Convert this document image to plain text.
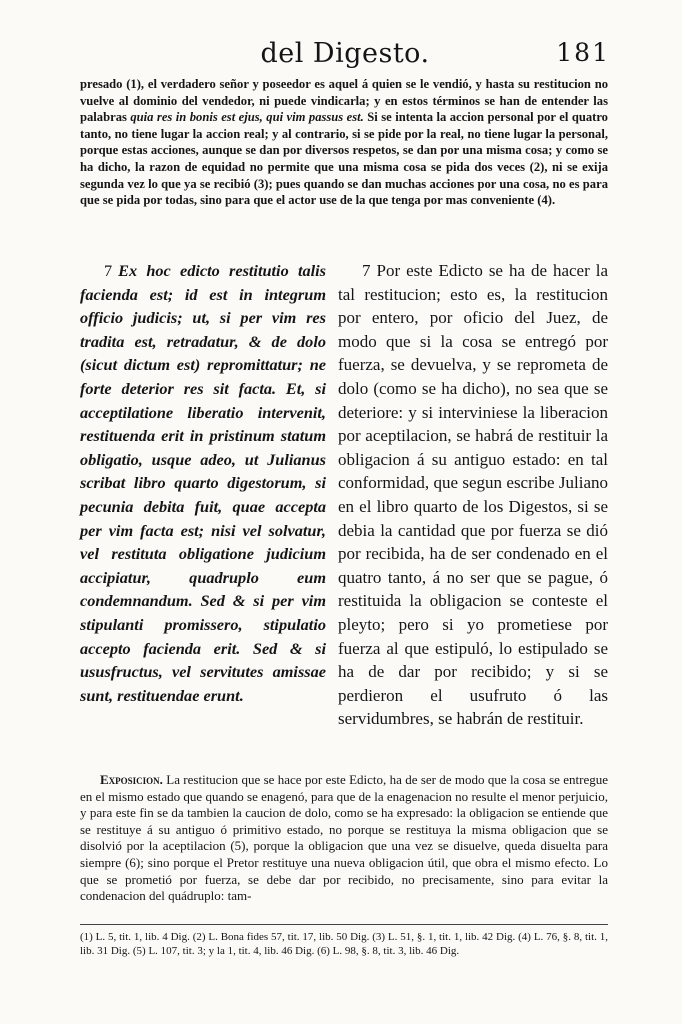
del Digesto.	181
presado (1), el verdadero señor y poseedor es aquel á quien se le vendió, y hasta su restitucion no vuelve al dominio del vendedor, ni puede vindicarla; y en estos términos se han de entender las palabras quia res in bonis est ejus, qui vim passus est. Si se intenta la accion personal por el quatro tanto, no tiene lugar la accion real; y al contrario, si se pide por la real, no tiene lugar la personal, porque estas acciones, aunque se dan por diversos respetos, se dan por una misma cosa; y como se ha dicho, la razon de equidad no permite que una misma cosa se pida dos veces (2), ni se exija segunda vez lo que ya se recibió (3); pues quando se dan muchas acciones por una cosa, no es para que se pida por todas, sino para que el actor use de la que tenga por mas conveniente (4).
7 Ex hoc edicto restitutio talis facienda est; id est in integrum officio judicis; ut, si per vim res tradita est, retradatur, & de dolo (sicut dictum est) repromittatur; ne forte deterior res sit facta. Et, si acceptilatione liberatio intervenit, restituenda erit in pristinum statum obligatio, usque adeo, ut Julianus scribat libro quarto digestorum, si pecunia debita fuit, quae accepta per vim facta est; nisi vel solvatur, vel restituta obligatione judicium accipiatur, quadruplo eum condemnandum. Sed & si per vim stipulanti promissero, stipulatio accepto facienda erit. Sed & si ususfructus, vel servitutes amissae sunt, restituendae erunt.
7 Por este Edicto se ha de hacer la tal restitucion; esto es, la restitucion por entero, por oficio del Juez, de modo que si la cosa se entregó por fuerza, se devuelva, y se reprometa de dolo (como se ha dicho), no sea que se deteriore: y si interviniese la liberacion por aceptilacion, se habrá de restituir la obligacion á su antiguo estado: en tal conformidad, que segun escribe Juliano en el libro quarto de los Digestos, si se debia la cantidad que por fuerza se dió por recibida, ha de ser condenado en el quatro tanto, á no ser que se pague, ó restituida la obligacion se conteste el pleyto; pero si yo prometiese por fuerza al que estipuló, lo estipulado se ha de dar por recibido; y si se perdieron el usufruto ó las servidumbres, se habrán de restituir.
Exposicion. La restitucion que se hace por este Edicto, ha de ser de modo que la cosa se entregue en el mismo estado que quando se enagenó, para que de la enagenacion no resulte el menor perjuicio, y para este fin se da tambien la caucion de dolo, como se ha expresado: la obligacion se entiende que se restituye á su antiguo ó primitivo estado, no porque se restituya la misma obligacion que se disolvió por la aceptilacion (5), porque la obligacion que una vez se disuelve, queda disuelta para siempre (6); sino porque el Pretor restituye una nueva obligacion útil, que obra el mismo efecto. Lo que se prometió por fuerza, se debe dar por recibido, no precisamente, sino para evitar la condenacion del quádruplo: tam-
(1) L. 5, tit. 1, lib. 4 Dig. (2) L. Bona fides 57, tit. 17, lib. 50 Dig. (3) L. 51, §. 1, tit. 1, lib. 42 Dig. (4) L. 76, §. 8, tit. 1, lib. 31 Dig. (5) L. 107, tit. 3; y la 1, tit. 4, lib. 46 Dig. (6) L. 98, §. 8, tit. 3, lib. 46 Dig.
